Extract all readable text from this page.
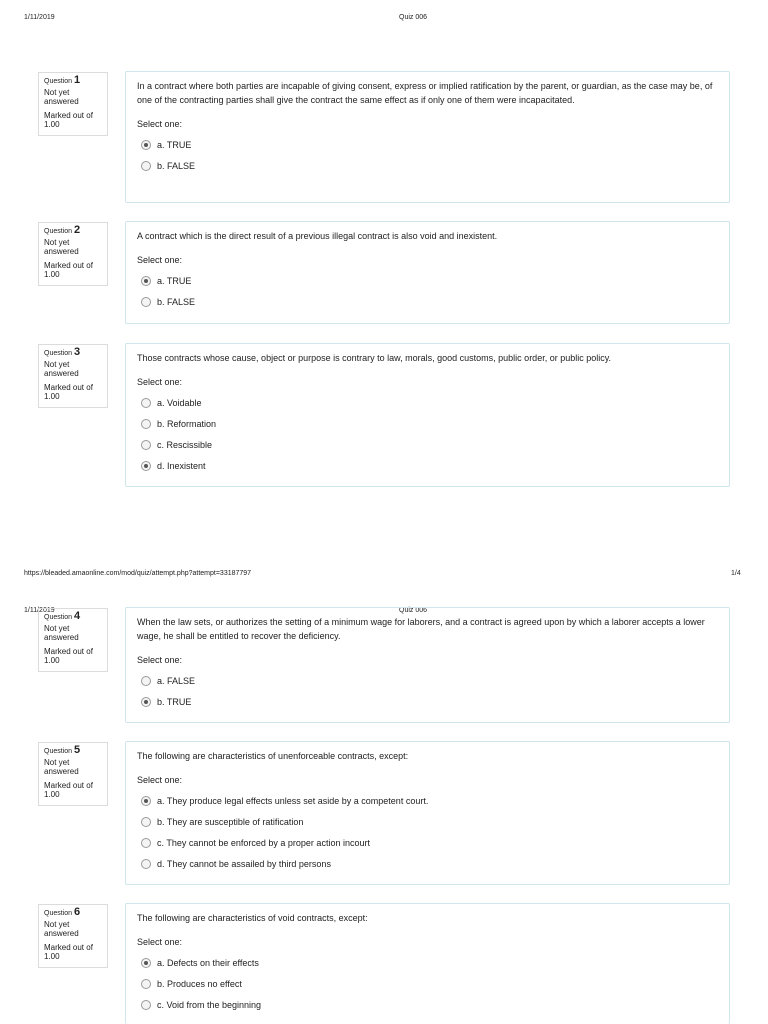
1/11/2019	Quiz 006
Question 1
Not yet answered
Marked out of 1.00
In a contract where both parties are incapable of giving consent, express or implied ratification by the parent, or guardian, as the case may be, of one of the contracting parties shall give the contract the same effect as if only one of them were incapacitated.
Select one:
a. TRUE
b. FALSE
Question 2
Not yet answered
Marked out of 1.00
A contract which is the direct result of a previous illegal contract is also void and inexistent.
Select one:
a. TRUE
b. FALSE
Question 3
Not yet answered
Marked out of 1.00
Those contracts whose cause, object or purpose is contrary to law, morals, good customs, public order, or public policy.
Select one:
a. Voidable
b. Reformation
c. Rescissible
d. Inexistent
https://bleaded.amaonline.com/mod/quiz/attempt.php?attempt=33187797	1/4
1/11/2019	Quiz 006
Question 4
Not yet answered
Marked out of 1.00
When the law sets, or authorizes the setting of a minimum wage for laborers, and a contract is agreed upon by which a laborer accepts a lower wage, he shall be entitled to recover the deficiency.
Select one:
a. FALSE
b. TRUE
Question 5
Not yet answered
Marked out of 1.00
The following are characteristics of unenforceable contracts, except:
Select one:
a. They produce legal effects unless set aside by a competent court.
b. They are susceptible of ratification
c. They cannot be enforced by a proper action incourt
d. They cannot be assailed by third persons
Question 6
Not yet answered
Marked out of 1.00
The following are characteristics of void contracts, except:
Select one:
a. Defects on their effects
b. Produces no effect
c. Void from the beginning
